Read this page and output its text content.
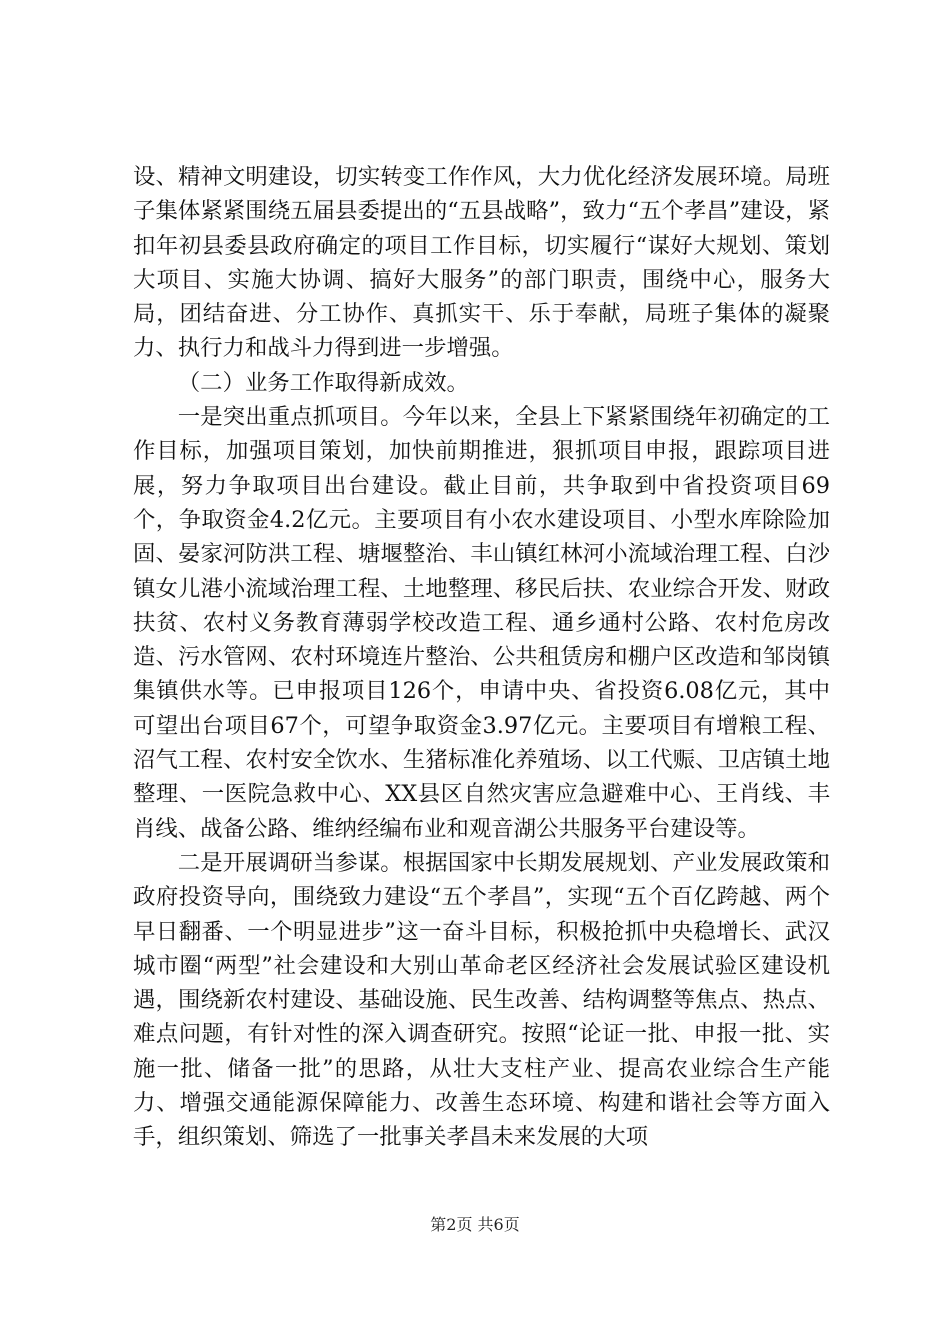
设、精神文明建设，切实转变工作作风，大力优化经济发展环境。局班子集体紧紧围绕五届县委提出的“五县战略”，致力“五个孝昌”建设，紧扣年初县委县政府确定的项目工作目标，切实履行“谋好大规划、策划大项目、实施大协调、搞好大服务”的部门职责，围绕中心，服务大局，团结奋进、分工协作、真抓实干、乐于奉献，局班子集体的凝聚力、执行力和战斗力得到进一步增强。

（二）业务工作取得新成效。

一是突出重点抓项目。今年以来，全县上下紧紧围绕年初确定的工作目标，加强项目策划，加快前期推进，狠抓项目申报，跟踪项目进展，努力争取项目出台建设。截止目前，共争取到中省投资项目69个，争取资金4.2亿元。主要项目有小农水建设项目、小型水库除险加固、晏家河防洪工程、塘堰整治、丰山镇红林河小流域治理工程、白沙镇女儿港小流域治理工程、土地整理、移民后扶、农业综合开发、财政扶贫、农村义务教育薄弱学校改造工程、通乡通村公路、农村危房改造、污水管网、农村环境连片整治、公共租赁房和棚户区改造和邹岗镇集镇供水等。已申报项目126个，申请中央、省投资6.08亿元，其中可望出台项目67个，可望争取资金3.97亿元。主要项目有增粮工程、沼气工程、农村安全饮水、生猪标准化养殖场、以工代赈、卫店镇土地整理、一医院急救中心、XX县区自然灾害应急避难中心、王肖线、丰肖线、战备公路、维纳经编布业和观音湖公共服务平台建设等。

二是开展调研当参谋。根据国家中长期发展规划、产业发展政策和政府投资导向，围绕致力建设“五个孝昌”，实现“五个百亿跨越、两个早日翻番、一个明显进步”这一奋斗目标，积极抢抓中央稳增长、武汉城市圈“两型”社会建设和大别山革命老区经济社会发展试验区建设机遇，围绕新农村建设、基础设施、民生改善、结构调整等焦点、热点、难点问题，有针对性的深入调查研究。按照“论证一批、申报一批、实施一批、储备一批”的思路，从壮大支柱产业、提高农业综合生产能力、增强交通能源保障能力、改善生态环境、构建和谐社会等方面入手，组织策划、筛选了一批事关孝昌未来发展的大项

第2页 共6页
